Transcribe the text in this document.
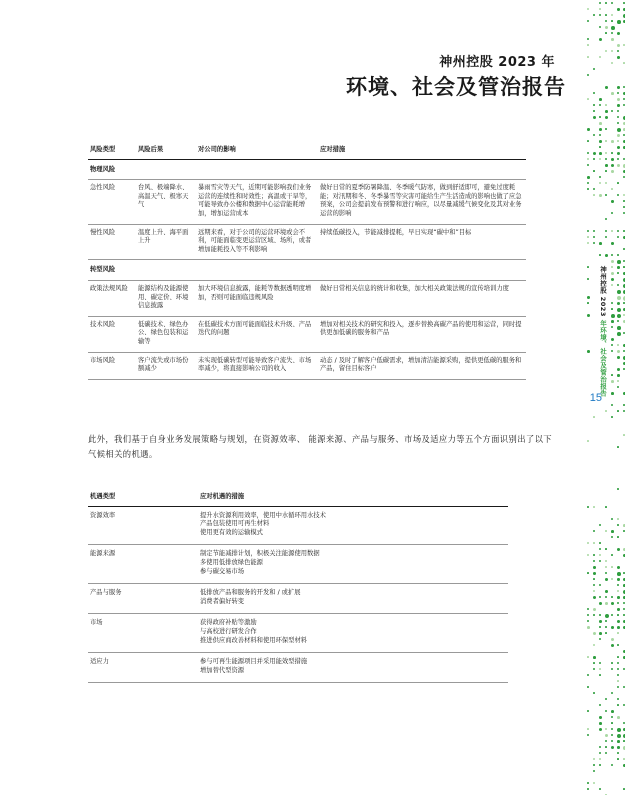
神州控股 2023 年环境、社会及管治报告
15
神州控股 2023 年
环境、社会及管治报告
风险类型	风险后果	对公司的影响	应对措施
物理风险			
急性风险	台风、极端降水、高温天气、极寒天气	暴雨雪灾等天气，近期可能影响我们业务运营的连续性和时效性；高温或干旱等，可能导致办公楼和数据中心运营能耗增加，增加运营成本	做好日常的夏季防暑降温、冬季暖气防寒，做到舒适即可，避免过度耗能；对汛期和冬、冬季暴雪等灾害可能给生产生活造成的影响也做了应急预案，公司会提前发布预警和进行响应，以尽量减缓气候变化及其对业务运营的影响
慢性风险	温度上升、海平面上升	远期来看，对于公司的运营环境或会不利，可能面临变更运营区域、场所，或者增加能耗投入等不利影响	持续低碳投入，节能减排提耗，早日实现“碳中和”目标
转型风险			
政策法规风险	能源结构及能源使用、碳定价、环境信息披露	加大环境信息披露，能耗等数据透明度增加，否则可能面临违规风险	做好日常相关信息的统计和收集，加大相关政策法规的宣传培训力度
技术风险	低碳技术、绿色办公、绿色包装和运输等	在低碳技术方面可能面临技术升级、产品迭代的问题	增加对相关技术的研究和投入，逐步替换高碳产品的使用和运营，同时提供更加低碳的服务和产品
市场风险	客户流失或市场份额减少	未实现低碳转型可能导致客户流失、市场率减少，将直接影响公司的收入	动态 / 及时了解客户低碳需求，增加清洁能源采购，提供更低碳的服务和产品，留住目标客户

此外，我们基于自身业务发展策略与规划，在资源效率、 能源来源、产品与服务、市场及适应力等五个方面识别出了以下气候相关的机遇。

机遇类型	应对机遇的措施
资源效率	提升水资源利用效率，使用中水循环用水技术
产品包装使用可再生材料
使用更有效的运输模式

能源来源	制定节能减排计划，积极关注能源使用数据
多使用低排放绿色能源
参与碳交易市场

产品与服务	低排放产品和服务的开发和 / 或扩展
消费者偏好转变

市场	获得政府补贴等激励
与高校进行研发合作
推进供应商改善材料和使用环保型材料

适应力	参与可再生能源项目并采用能效型措施
增加替代型资源
